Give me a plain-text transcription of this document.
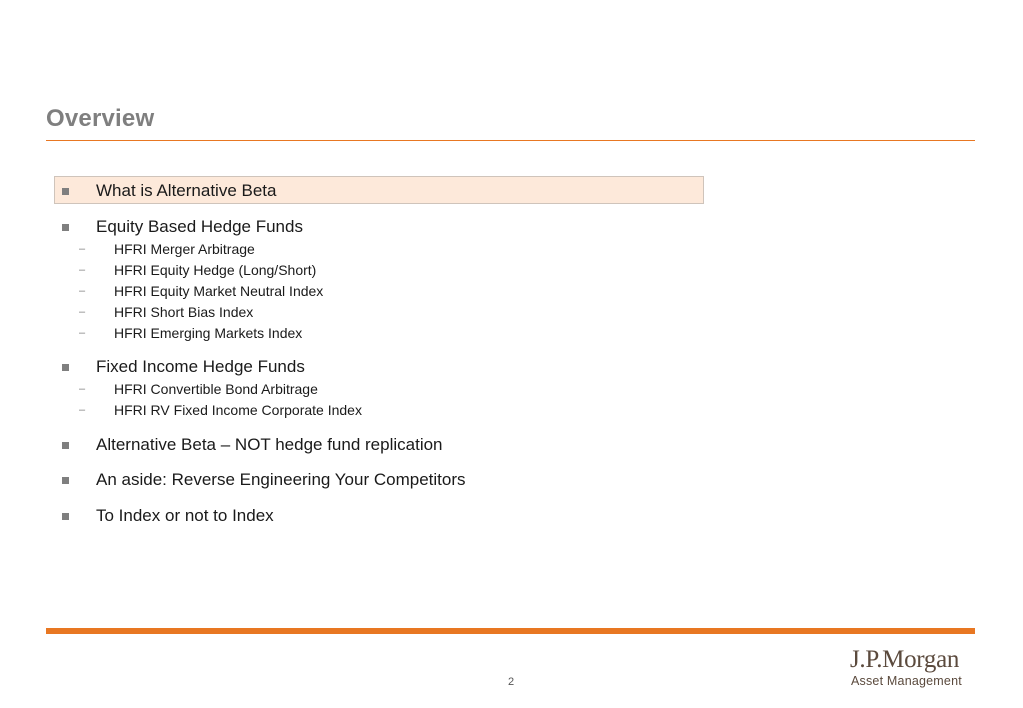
Overview
What is Alternative Beta
Equity Based Hedge Funds
– HFRI Merger Arbitrage
– HFRI Equity Hedge (Long/Short)
– HFRI Equity Market Neutral Index
– HFRI Short Bias Index
– HFRI Emerging Markets Index
Fixed Income Hedge Funds
– HFRI Convertible Bond Arbitrage
– HFRI RV Fixed Income Corporate Index
Alternative Beta – NOT hedge fund replication
An aside: Reverse Engineering Your Competitors
To Index or not to Index
2
J.P.Morgan
Asset Management
